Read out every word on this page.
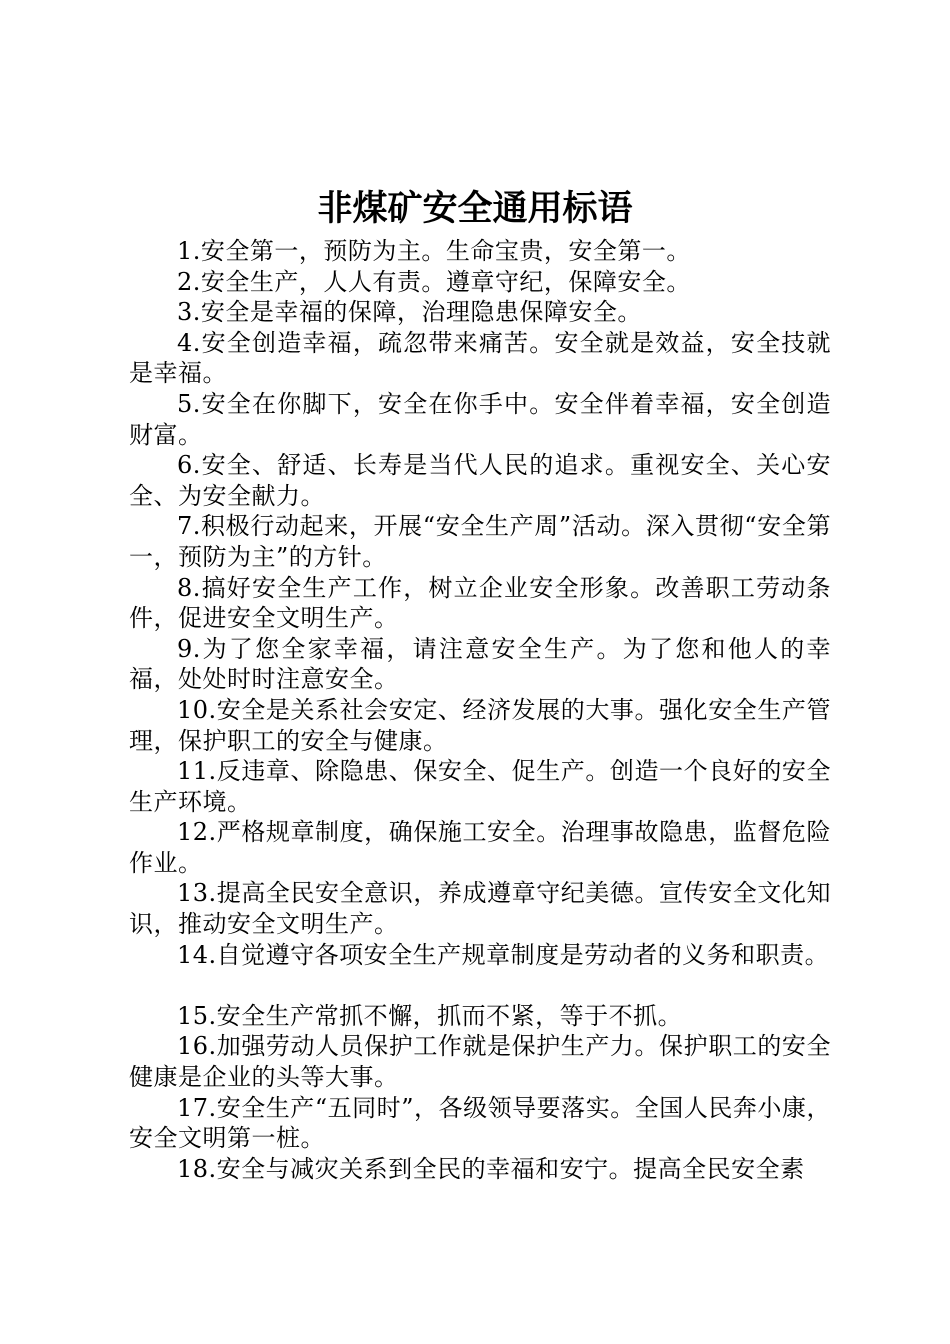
非煤矿安全通用标语

1.安全第一，预防为主。生命宝贵，安全第一。

2.安全生产，人人有责。遵章守纪，保障安全。

3.安全是幸福的保障，治理隐患保障安全。

4.安全创造幸福，疏忽带来痛苦。安全就是效益，安全技就是幸福。

5.安全在你脚下，安全在你手中。安全伴着幸福，安全创造财富。

6.安全、舒适、长寿是当代人民的追求。重视安全、关心安全、为安全献力。

7.积极行动起来，开展“安全生产周”活动。深入贯彻“安全第一，预防为主”的方针。

8.搞好安全生产工作，树立企业安全形象。改善职工劳动条件，促进安全文明生产。

9.为了您全家幸福，请注意安全生产。为了您和他人的幸福，处处时时注意安全。

10.安全是关系社会安定、经济发展的大事。强化安全生产管理，保护职工的安全与健康。

11.反违章、除隐患、保安全、促生产。创造一个良好的安全生产环境。

12.严格规章制度，确保施工安全。治理事故隐患，监督危险作业。

13.提高全民安全意识，养成遵章守纪美德。宣传安全文化知识，推动安全文明生产。

14.自觉遵守各项安全生产规章制度是劳动者的义务和职责。

15.安全生产常抓不懈，抓而不紧，等于不抓。

16.加强劳动人员保护工作就是保护生产力。保护职工的安全健康是企业的头等大事。

17.安全生产“五同时”，各级领导要落实。全国人民奔小康，安全文明第一桩。

18.安全与减灾关系到全民的幸福和安宁。提高全民安全素
